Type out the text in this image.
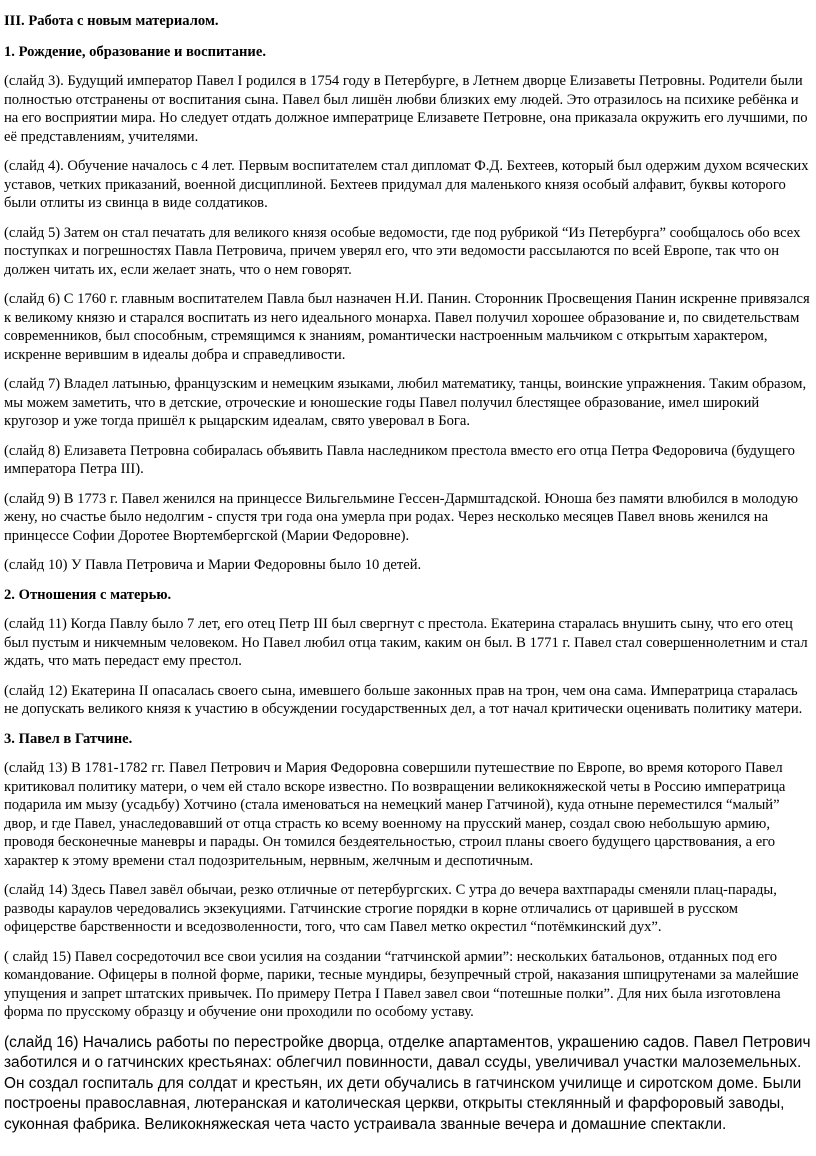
III. Работа с новым материалом.
1. Рождение, образование и воспитание.

(слайд 3). Будущий император Павел I родился в 1754 году в Петербурге, в Летнем дворце Елизаветы Петровны. Родители были полностью отстранены от воспитания сына. Павел был лишён любви близких ему людей. Это отразилось на психике ребёнка и на его восприятии мира. Но следует отдать должное императрице Елизавете Петровне, она приказала окружить его лучшими, по её представлениям, учителями.

(слайд 4). Обучение началось с 4 лет. Первым воспитателем стал дипломат Ф.Д. Бехтеев, который был одержим духом всяческих уставов, четких приказаний, военной дисциплиной. Бехтеев придумал для маленького князя особый алфавит, буквы которого были отлиты из свинца в виде солдатиков.

(слайд 5) Затем он стал печатать для великого князя особые ведомости, где под рубрикой “Из Петербурга” сообщалось обо всех поступках и погрешностях Павла Петровича, причем уверял его, что эти ведомости рассылаются по всей Европе, так что он должен читать их, если желает знать, что о нем говорят.

(слайд 6) С 1760 г. главным воспитателем Павла был назначен Н.И. Панин. Сторонник Просвещения Панин искренне привязался к великому князю и старался воспитать из него идеального монарха. Павел получил хорошее образование и, по свидетельствам современников, был способным, стремящимся к знаниям, романтически настроенным мальчиком с открытым характером, искренне верившим в идеалы добра и справедливости.

(слайд 7) Владел латынью, французским и немецким языками, любил математику, танцы, воинские упражнения. Таким образом, мы можем заметить, что в детские, отроческие и юношеские годы Павел получил блестящее образование, имел широкий кругозор и уже тогда пришёл к рыцарским идеалам, свято уверовал в Бога.

(слайд 8) Елизавета Петровна собиралась объявить Павла наследником престола вместо его отца Петра Федоровича (будущего императора Петра III).

(слайд 9) В 1773 г. Павел женился на принцессе Вильгельмине Гессен-Дармштадской. Юноша без памяти влюбился в молодую жену, но счастье было недолгим - спустя три года она умерла при родах. Через несколько месяцев Павел вновь женился на принцессе Софии Доротее Вюртембергской (Марии Федоровне).

(слайд 10) У Павла Петровича и Марии Федоровны было 10 детей.

2. Отношения с матерью.

(слайд 11) Когда Павлу было 7 лет, его отец Петр III был свергнут с престола. Екатерина старалась внушить сыну, что его отец был пустым и никчемным человеком. Но Павел любил отца таким, каким он был. В 1771 г. Павел стал совершеннолетним и стал ждать, что мать передаст ему престол.

(слайд 12) Екатерина II опасалась своего сына, имевшего больше законных прав на трон, чем она сама. Императрица старалась не допускать великого князя к участию в обсуждении государственных дел, а тот начал критически оценивать политику матери.

3. Павел в Гатчине.

(слайд 13) В 1781-1782 гг. Павел Петрович и Мария Федоровна совершили путешествие по Европе, во время которого Павел критиковал политику матери, о чем ей стало вскоре известно. По возвращении великокняжеской четы в Россию императрица подарила им мызу (усадьбу) Хотчино (стала именоваться на немецкий манер Гатчиной), куда отныне переместился “малый” двор, и где Павел, унаследовавший от отца страсть ко всему военному на прусский манер, создал свою небольшую армию, проводя бесконечные маневры и парады. Он томился бездеятельностью, строил планы своего будущего царствования, а его характер к этому времени стал подозрительным, нервным, желчным и деспотичным.

(слайд 14) Здесь Павел завёл обычаи, резко отличные от петербургских. С утра до вечера вахтпарады сменяли плац-парады, разводы караулов чередовались экзекуциями. Гатчинские строгие порядки в корне отличались от царившей в русском офицерстве барственности и вседозволенности, того, что сам Павел метко окрестил “потёмкинский дух”.

( слайд 15) Павел сосредоточил все свои усилия на создании “гатчинской армии”: нескольких батальонов, отданных под его командование. Офицеры в полной форме, парики, тесные мундиры, безупречный строй, наказания шпицрутенами за малейшие упущения и запрет штатских привычек. По примеру Петра I Павел завел свои “потешные полки”. Для них была изготовлена форма по прусскому образцу и обучение они проходили по особому уставу.

(слайд 16) Начались работы по перестройке дворца, отделке апартаментов, украшению садов. Павел Петрович заботился и о гатчинских крестьянах: облегчил повинности, давал ссуды, увеличивал участки малоземельных. Он создал госпиталь для солдат и крестьян, их дети обучались в гатчинском училище и сиротском доме. Были построены православная, лютеранская и католическая церкви, открыты стеклянный и фарфоровый заводы, суконная фабрика. Великокняжеская чета часто устраивала званные вечера и домашние спектакли.
